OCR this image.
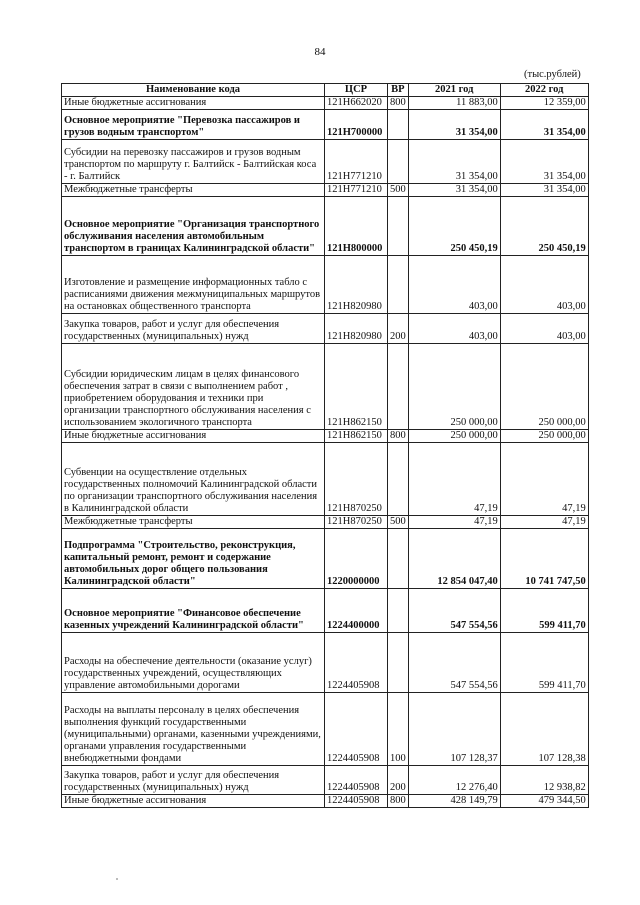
84
(тыс.рублей)
Наименование кода	ЦСР	ВР	2021 год	2022 год
Иные бюджетные ассигнования	121Н662020	800	11 883,00	12 359,00
Основное мероприятие "Перевозка пассажиров и грузов водным транспортом"	121Н700000		31 354,00	31 354,00
Субсидии на перевозку пассажиров и грузов водным транспортом по маршруту г. Балтийск - Балтийская коса - г. Балтийск	121Н771210		31 354,00	31 354,00
Межбюджетные трансферты	121Н771210	500	31 354,00	31 354,00
Основное мероприятие "Организация транспортного обслуживания населения автомобильным транспортом в границах Калининградской области"	121Н800000		250 450,19	250 450,19
Изготовление и размещение информационных табло с расписаниями движения межмуниципальных маршрутов на остановках общественного транспорта	121Н820980		403,00	403,00
Закупка товаров, работ и услуг для обеспечения государственных (муниципальных) нужд	121Н820980	200	403,00	403,00
Субсидии юридическим лицам в целях финансового обеспечения затрат в связи с выполнением работ , приобретением оборудования и техники при организации транспортного обслуживания населения с использованием экологичного транспорта	121Н862150		250 000,00	250 000,00
Иные бюджетные ассигнования	121Н862150	800	250 000,00	250 000,00
Субвенции на осуществление отдельных государственных полномочий Калининградской области по организации транспортного обслуживания населения в Калининградской области	121Н870250		47,19	47,19
Межбюджетные трансферты	121Н870250	500	47,19	47,19
Подпрограмма "Строительство, реконструкция, капитальный ремонт, ремонт и содержание автомобильных дорог общего пользования Калининградской области"	1220000000		12 854 047,40	10 741 747,50
Основное мероприятие "Финансовое обеспечение казенных учреждений Калининградской области"	1224400000		547 554,56	599 411,70
Расходы на обеспечение деятельности (оказание услуг) государственных учреждений, осуществляющих управление автомобильными дорогами	1224405908		547 554,56	599 411,70
Расходы на выплаты персоналу в целях обеспечения выполнения функций государственными (муниципальными) органами, казенными учреждениями, органами управления государственными внебюджетными фондами	1224405908	100	107 128,37	107 128,38
Закупка товаров, работ и услуг для обеспечения государственных (муниципальных) нужд	1224405908	200	12 276,40	12 938,82
Иные бюджетные ассигнования	1224405908	800	428 149,79	479 344,50
